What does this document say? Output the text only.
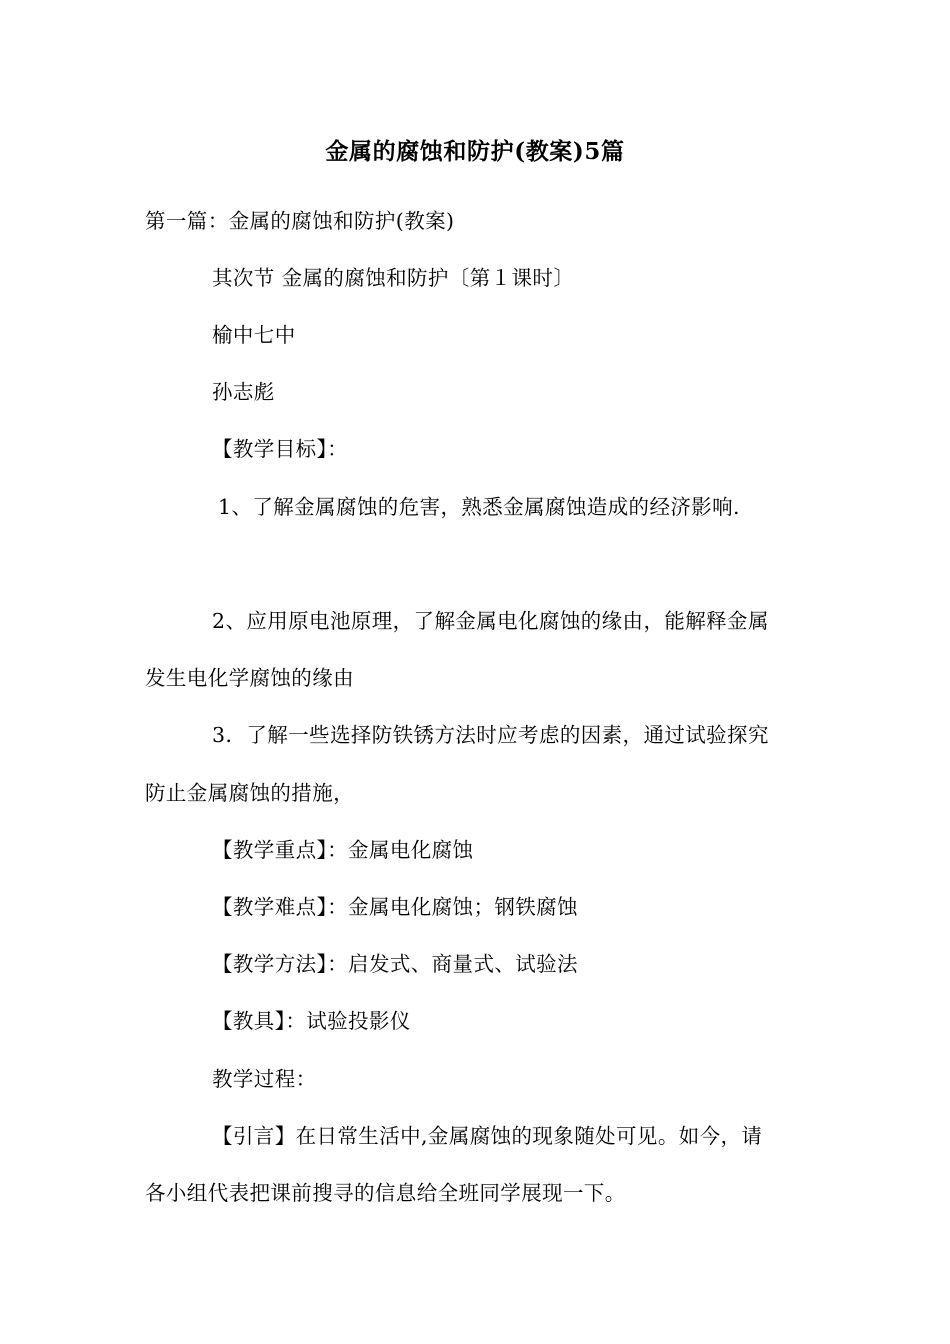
金属的腐蚀和防护(教案)5篇
第一篇：金属的腐蚀和防护(教案)
其次节 金属的腐蚀和防护〔第１课时〕
榆中七中
孙志彪
【教学目标】：
1、了解金属腐蚀的危害，熟悉金属腐蚀造成的经济影响.
2、应用原电池原理，了解金属电化腐蚀的缘由，能解释金属
发生电化学腐蚀的缘由
3．了解一些选择防铁锈方法时应考虑的因素，通过试验探究
防止金属腐蚀的措施，
【教学重点】：金属电化腐蚀
【教学难点】：金属电化腐蚀；钢铁腐蚀
【教学方法】：启发式、商量式、试验法
【教具】：试验投影仪
教学过程：
【引言】在日常生活中,金属腐蚀的现象随处可见。如今，请
各小组代表把课前搜寻的信息给全班同学展现一下。
